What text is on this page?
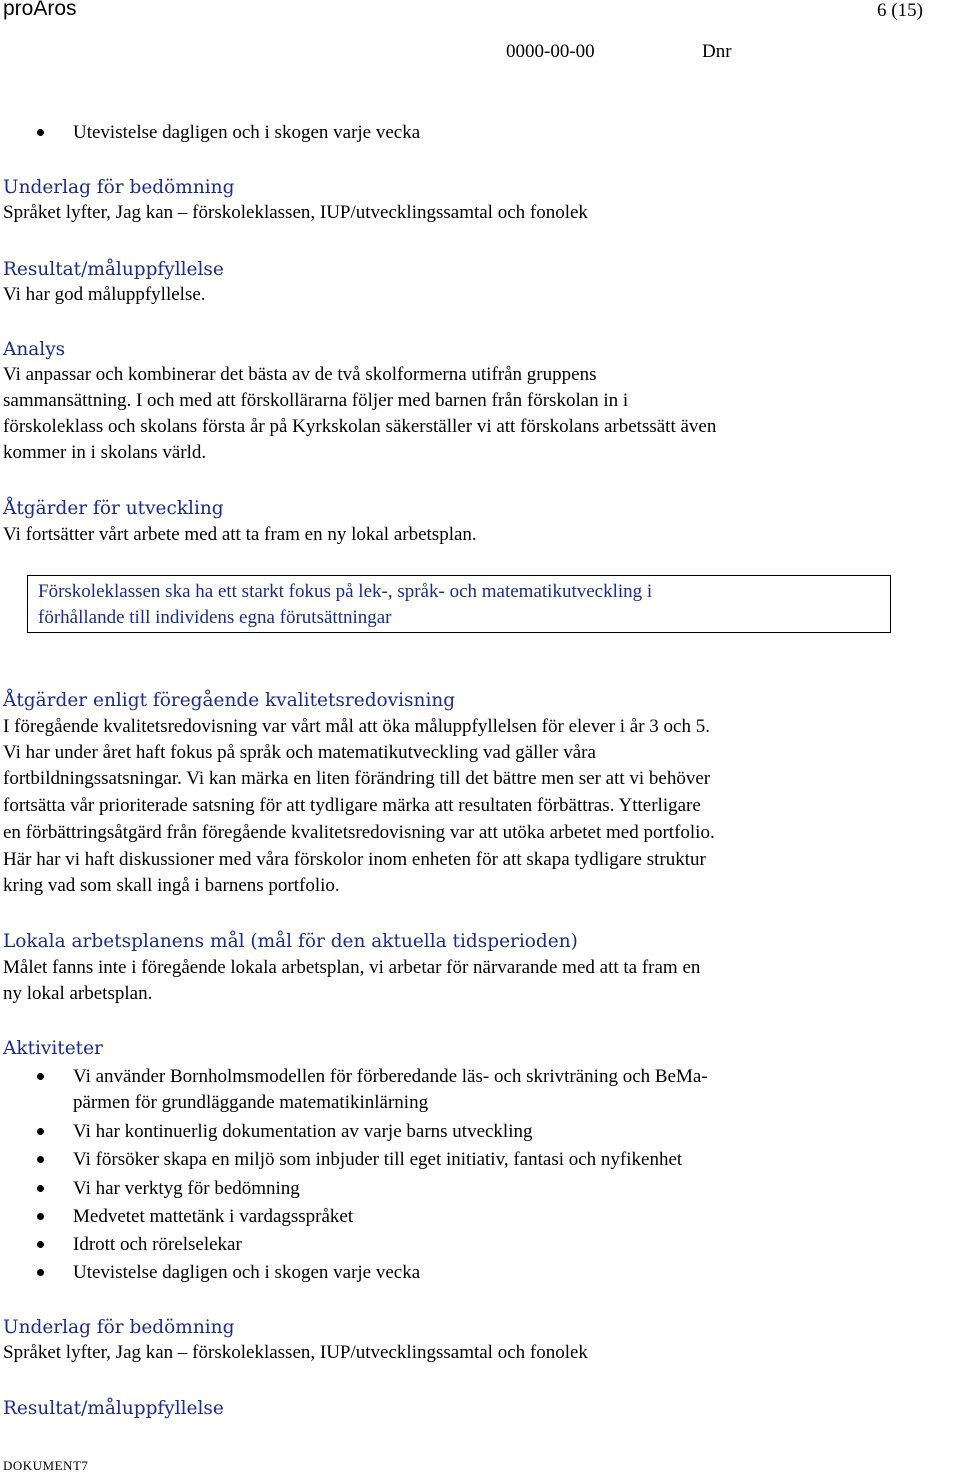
proAros	6 (15)
0000-00-00	Dnr
Utevistelse dagligen och i skogen varje vecka
Underlag för bedömning
Språket lyfter, Jag kan – förskoleklassen, IUP/utvecklingssamtal och fonolek
Resultat/måluppfyllelse
Vi har god måluppfyllelse.
Analys
Vi anpassar och kombinerar det bästa av de två skolformerna utifrån gruppens
sammansättning. I och med att förskollärarna följer med barnen från förskolan in i
förskoleklass och skolans första år på Kyrkskolan säkerställer vi att förskolans arbetssätt även
kommer in i skolans värld.
Åtgärder för utveckling
Vi fortsätter vårt arbete med att ta fram en ny lokal arbetsplan.
Förskoleklassen ska ha ett starkt fokus på lek-, språk- och matematikutveckling i
förhållande till individens egna förutsättningar
Åtgärder enligt föregående kvalitetsredovisning
I föregående kvalitetsredovisning var vårt mål att öka måluppfyllelsen för elever i år 3 och 5.
Vi har under året haft fokus på språk och matematikutveckling vad gäller våra
fortbildningssatsningar. Vi kan märka en liten förändring till det bättre men ser att vi behöver
fortsätta vår prioriterade satsning för att tydligare märka att resultaten förbättras. Ytterligare
en förbättringsåtgärd från föregående kvalitetsredovisning var att utöka arbetet med portfolio.
Här har vi haft diskussioner med våra förskolor inom enheten för att skapa tydligare struktur
kring vad som skall ingå i barnens portfolio.
Lokala arbetsplanens mål (mål för den aktuella tidsperioden)
Målet fanns inte i föregående lokala arbetsplan, vi arbetar för närvarande med att ta fram en
ny lokal arbetsplan.
Aktiviteter
Vi använder Bornholmsmodellen för förberedande läs- och skrivträning och BeMa-
pärmen för grundläggande matematikinlärning
Vi har kontinuerlig dokumentation av varje barns utveckling
Vi försöker skapa en miljö som inbjuder till eget initiativ, fantasi och nyfikenhet
Vi har verktyg för bedömning
Medvetet mattetänk i vardagsspråket
Idrott och rörelselekar
Utevistelse dagligen och i skogen varje vecka
Underlag för bedömning
Språket lyfter, Jag kan – förskoleklassen, IUP/utvecklingssamtal och fonolek
Resultat/måluppfyllelse
DOKUMENT7
